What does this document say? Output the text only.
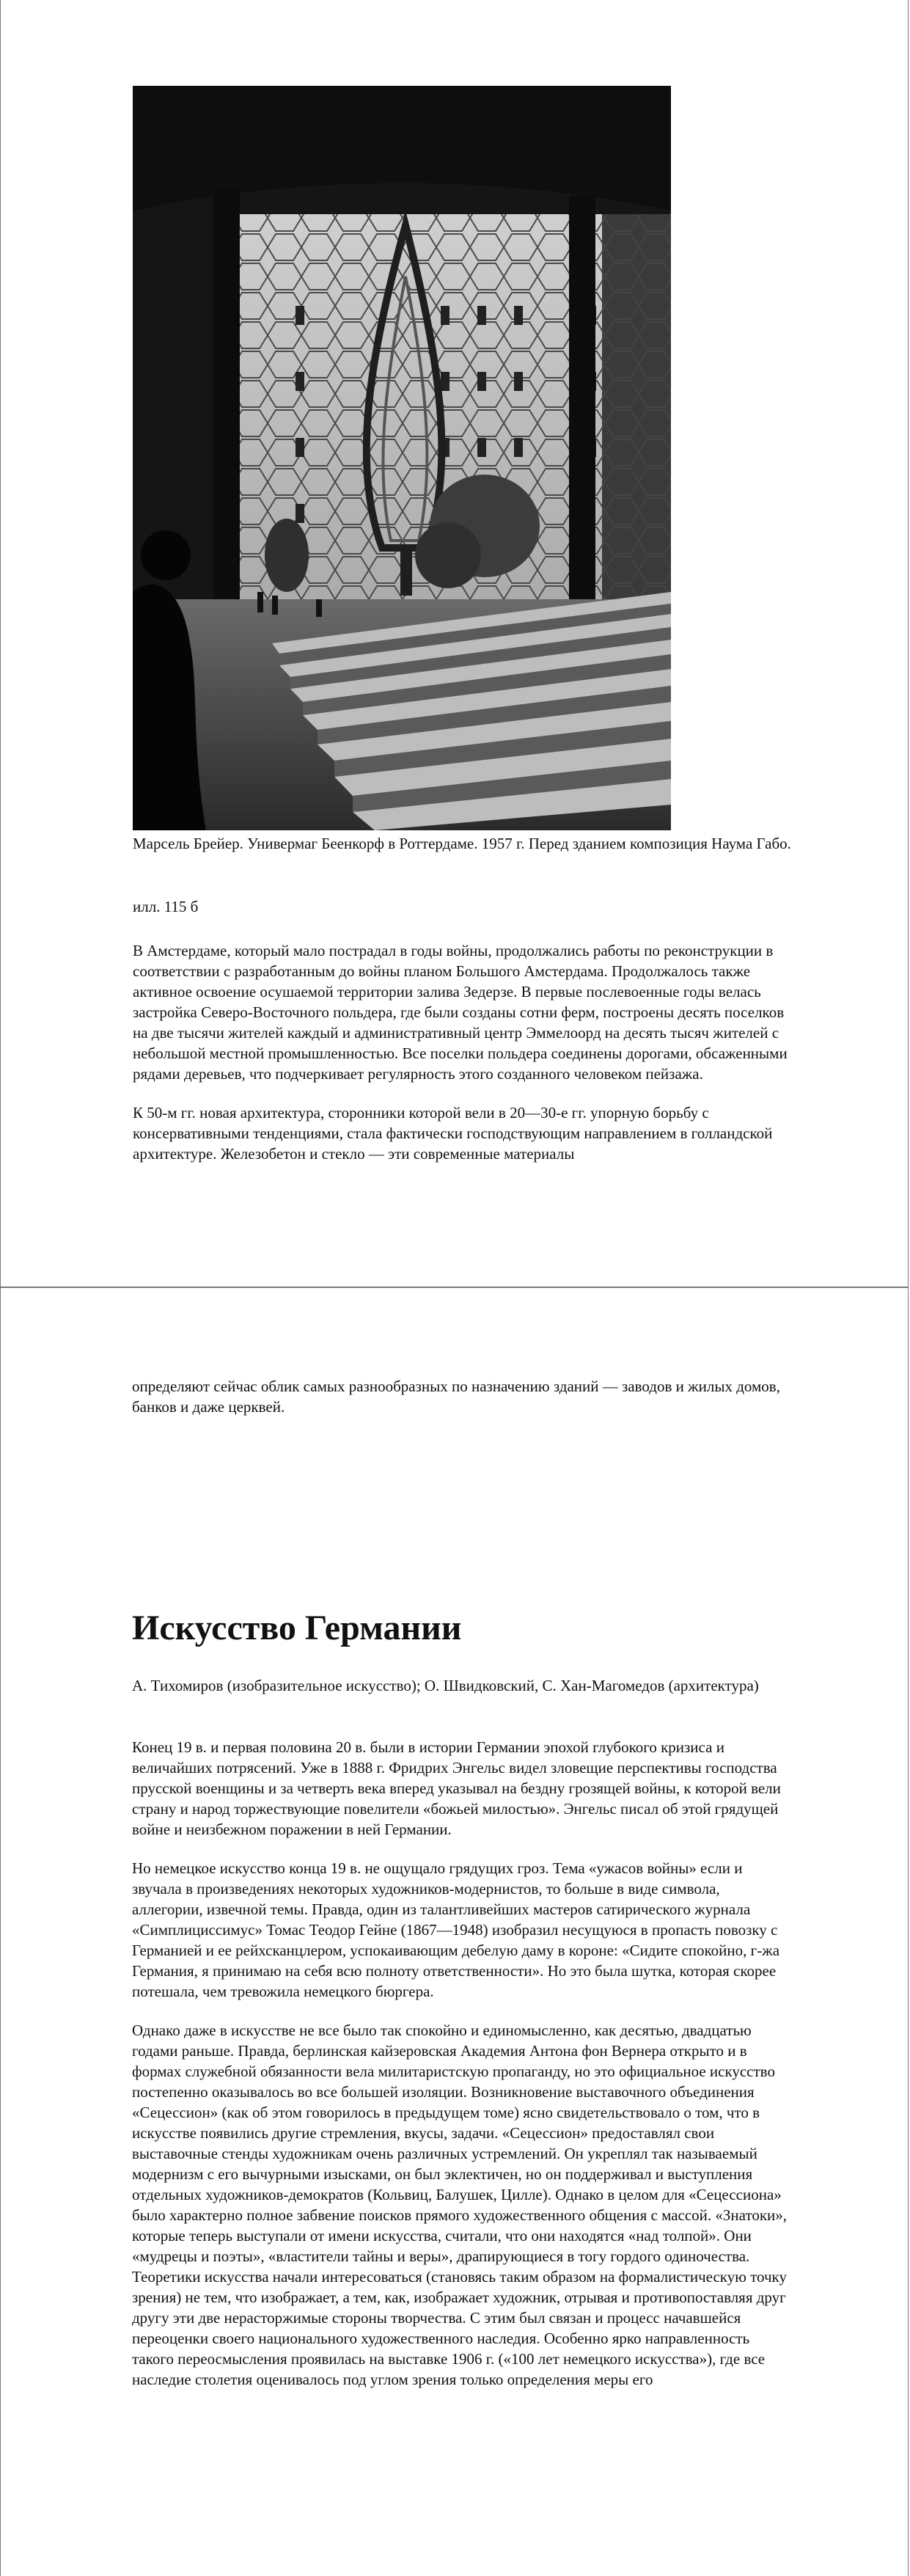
Марсель Брейер. Универмаг Беенкорф в Роттердаме. 1957 г. Перед зданием композиция Наума Габо.
илл. 115 б

В Амстердаме, который мало пострадал в годы войны, продолжались работы по реконструкции в соответствии с разработанным до войны планом Большого Амстердама. Продолжалось также активное освоение осушаемой территории залива Зедерзе. В первые послевоенные годы велась застройка Северо-Восточного польдера, где были созданы сотни ферм, построены десять поселков на две тысячи жителей каждый и административный центр Эммелоорд на десять тысяч жителей с небольшой местной промышленностью. Все поселки польдера соединены дорогами, обсаженными рядами деревьев, что подчеркивает регулярность этого созданного человеком пейзажа.

К 50-м гг. новая архитектура, сторонники которой вели в 20—30-е гг. упорную борьбу с консервативными тенденциями, стала фактически господствующим направлением в голландской архитектуре. Железобетон и стекло — эти современные материалы

определяют сейчас облик самых разнообразных по назначению зданий — заводов и жилых домов, банков и даже церквей.
Искусство Германии
А. Тихомиров (изобразительное искусство); О. Швидковский, С. Хан-Магомедов (архитектура)

Конец 19 в. и первая половина 20 в. были в истории Германии эпохой глубокого кризиса и величайших потрясений. Уже в 1888 г. Фридрих Энгельс видел зловещие перспективы господства прусской военщины и за четверть века вперед указывал на бездну грозящей войны, к которой вели страну и народ торжествующие повелители «божьей милостью». Энгельс писал об этой грядущей войне и неизбежном поражении в ней Германии.

Но немецкое искусство конца 19 в. не ощущало грядущих гроз. Тема «ужасов войны» если и звучала в произведениях некоторых художников-модернистов, то больше в виде символа, аллегории, извечной темы. Правда, один из талантливейших мастеров сатирического журнала «Симплициссимус» Томас Теодор Гейне (1867—1948) изобразил несущуюся в пропасть повозку с Германией и ее рейхсканцлером, успокаивающим дебелую даму в короне: «Сидите спокойно, г-жа Германия, я принимаю на себя всю полноту ответственности». Но это была шутка, которая скорее потешала, чем тревожила немецкого бюргера.

Однако даже в искусстве не все было так спокойно и единомысленно, как десятью, двадцатью годами раньше. Правда, берлинская кайзеровская Академия Антона фон Вернера открыто и в формах служебной обязанности вела милитаристскую пропаганду, но это официальное искусство постепенно оказывалось во все большей изоляции. Возникновение выставочного объединения «Сецессион» (как об этом говорилось в предыдущем томе) ясно свидетельствовало о том, что в искусстве появились другие стремления, вкусы, задачи. «Сецессион» предоставлял свои выставочные стенды художникам очень различных устремлений. Он укреплял так называемый модернизм с его вычурными изысками, он был эклектичен, но он поддерживал и выступления отдельных художников-демократов (Кольвиц, Балушек, Цилле). Однако в целом для «Сецессиона» было характерно полное забвение поисков прямого художественного общения с массой. «Знатоки», которые теперь выступали от имени искусства, считали, что они находятся «над толпой». Они «мудрецы и поэты», «властители тайны и веры», драпирующиеся в тогу гордого одиночества. Теоретики искусства начали интересоваться (становясь таким образом на формалистическую точку зрения) не тем, что изображает, а тем, как, изображает художник, отрывая и противопоставляя друг другу эти две нерасторжимые стороны творчества. С этим был связан и процесс начавшейся переоценки своего национального художественного наследия. Особенно ярко направленность такого переосмысления проявилась на выставке 1906 г. («100 лет немецкого искусства»), где все наследие столетия оценивалось под углом зрения только определения меры его
